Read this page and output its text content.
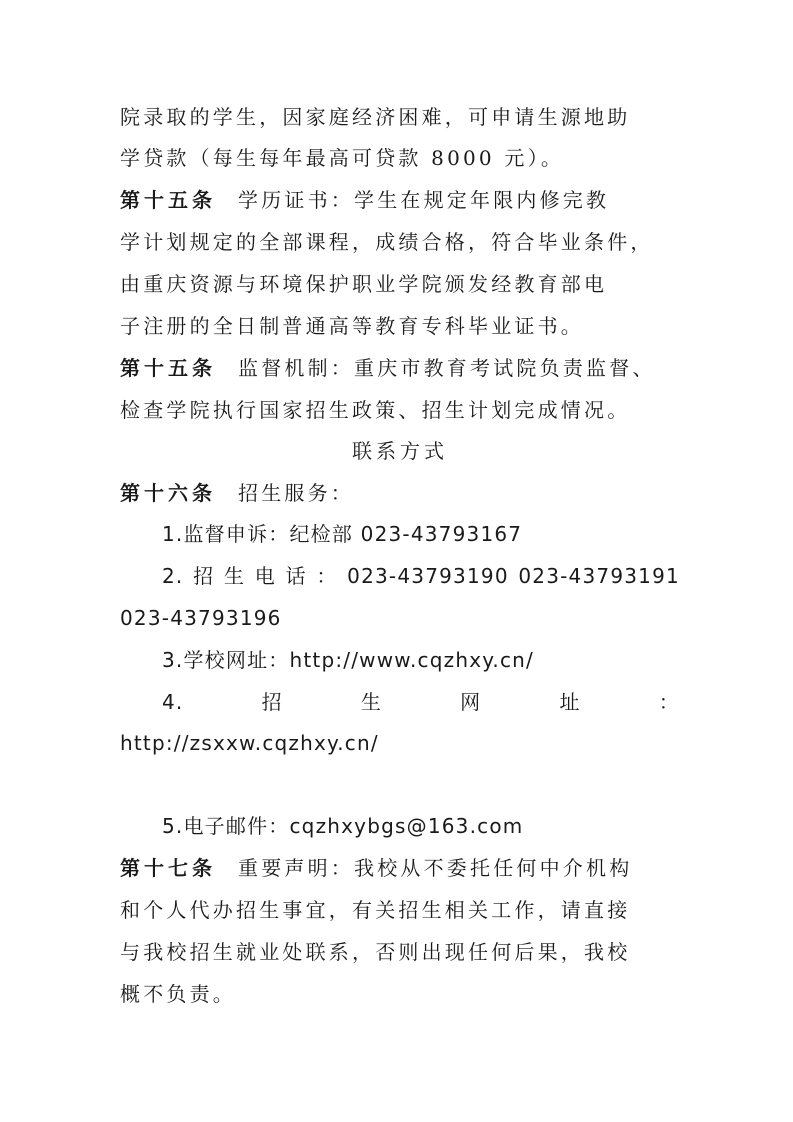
院录取的学生，因家庭经济困难，可申请生源地助
学贷款（每生每年最高可贷款 8000 元）。
第十五条 学历证书：学生在规定年限内修完教
学计划规定的全部课程，成绩合格，符合毕业条件，
由重庆资源与环境保护职业学院颁发经教育部电
子注册的全日制普通高等教育专科毕业证书。
第十五条 监督机制：重庆市教育考试院负责监督、
检查学院执行国家招生政策、招生计划完成情况。
联系方式
第十六条 招生服务：
1.监督申诉：纪检部 023-43793167
2. 招 生 电 话 ： 023-43793190 023-43793191
023-43793196
3.学校网址：http://www.cqzhxy.cn/
4.	招	生	网	址	：
http://zsxxw.cqzhxy.cn/
5.电子邮件：cqzhxybgs@163.com
第十七条 重要声明：我校从不委托任何中介机构
和个人代办招生事宜，有关招生相关工作，请直接
与我校招生就业处联系，否则出现任何后果，我校
概不负责。
